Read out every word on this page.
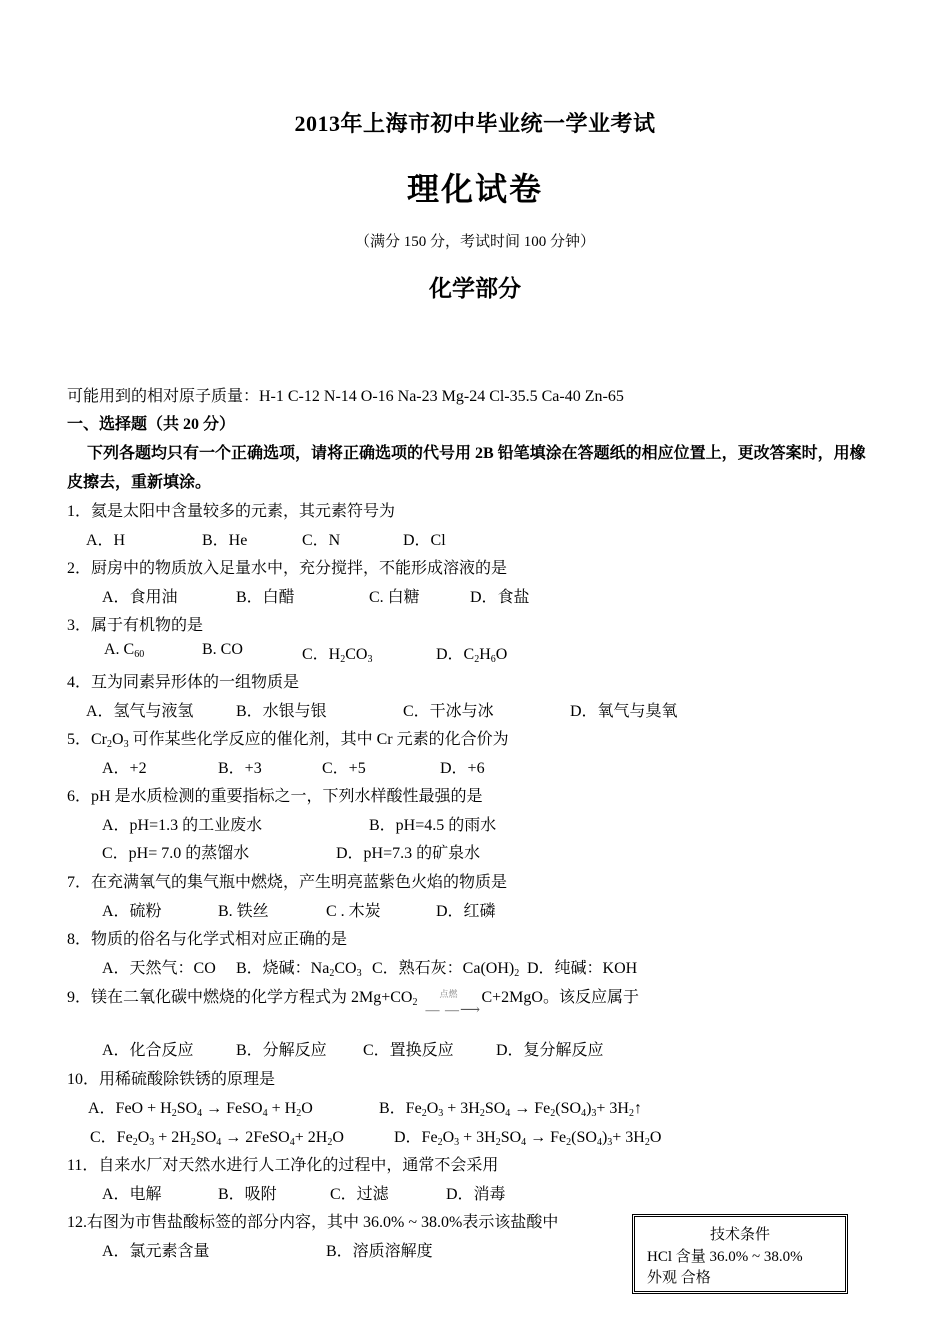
2013年上海市初中毕业统一学业考试
理化试卷
（满分 150 分，考试时间 100 分钟）
化学部分
可能用到的相对原子质量：H-1 C-12 N-14 O-16 Na-23 Mg-24 Cl-35.5 Ca-40 Zn-65
一、选择题（共 20 分）
下列各题均只有一个正确选项，请将正确选项的代号用 2B 铅笔填涂在答题纸的相应位置上，更改答案时，用橡
皮擦去，重新填涂。
1．氦是太阳中含量较多的元素，其元素符号为
A．H	B．He	C．N	D．Cl
2．厨房中的物质放入足量水中，充分搅拌，不能形成溶液的是
A．食用油	B．白醋	C. 白糖	D．食盐
3．属于有机物的是
A. $C_{60}$	B. CO	C．$H_2CO_3$	D．$C_2H_6O$
4．互为同素异形体的一组物质是
A．氢气与液氢	B．水银与银	C．干冰与冰	D．氧气与臭氧
5．$Cr_2O_3$ 可作某些化学反应的催化剂，其中 Cr 元素的化合价为
A．+2	B．+3	C．+5	D．+6
6．pH 是水质检测的重要指标之一，下列水样酸性最强的是
A．pH=1.3 的工业废水	B．pH=4.5 的雨水
C．pH= 7.0 的蒸馏水	D．pH=7.3 的矿泉水
7．在充满氧气的集气瓶中燃烧，产生明亮蓝紫色火焰的物质是
A．硫粉	B. 铁丝	C . 木炭	D．红磷
8．物质的俗名与化学式相对应正确的是
A．天然气：CO B．烧碱：$Na_2CO_3$ C．熟石灰：$Ca(OH)_2$ D．纯碱：KOH
9．镁在二氧化碳中燃烧的化学方程式为 $2Mg+CO_2$
点燃
— —⟶
C+2MgO。该反应属于
A．化合反应	B．分解反应 C．置换反应	D．复分解反应
10．用稀硫酸除铁锈的原理是
A．FeO + $H_2SO_4$ → FeSO$_4$ + $H_2O$	B．$Fe_2O_3 + 3H_2SO_4 \to Fe_2(SO_4)_3+$ $3H_2↑$
C．$Fe_2O_3 + 2H_2SO_4$ → 2FeSO$_4$+ $2H_2O$	D．$Fe_2O_3 + 3H_2SO_4 \to Fe_2(SO_4)_3+ 3H_2O$
11．自来水厂对天然水进行人工净化的过程中，通常不会采用
A．电解	B．吸附	C．过滤	D．消毒
12.右图为市售盐酸标签的部分内容，其中 36.0% ~ 38.0%表示该盐酸中
A．氯元素含量	B．溶质溶解度
技术条件
HCl 含量 36.0% ~ 38.0%
外观 合格
